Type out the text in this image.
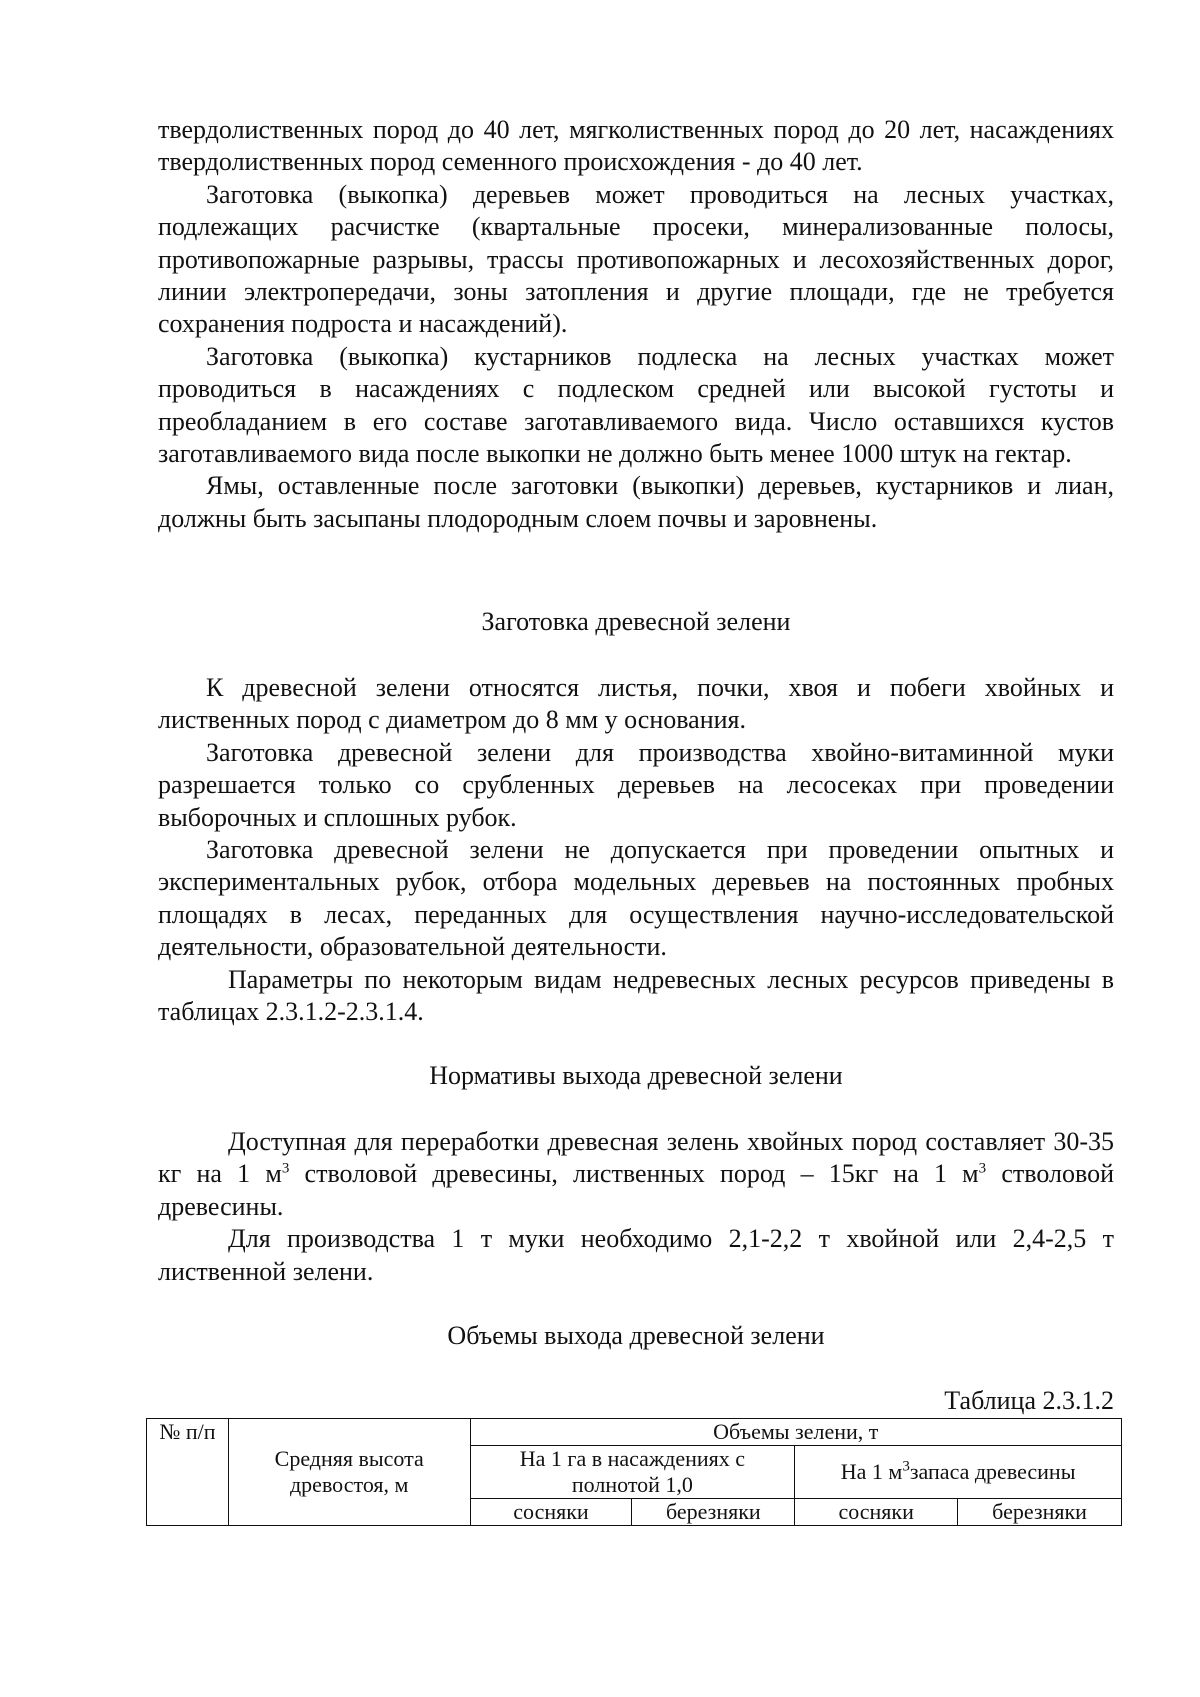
твердолиственных пород до 40 лет, мягколиственных пород до 20 лет, насаждениях твердолиственных пород семенного происхождения - до 40 лет.

Заготовка (выкопка) деревьев может проводиться на лесных участках, подлежащих расчистке (квартальные просеки, минерализованные полосы, противопожарные разрывы, трассы противопожарных и лесохозяйственных дорог, линии электропередачи, зоны затопления и другие площади, где не требуется сохранения подроста и насаждений).

Заготовка (выкопка) кустарников подлеска на лесных участках может проводиться в насаждениях с подлеском средней или высокой густоты и преобладанием в его составе заготавливаемого вида. Число оставшихся кустов заготавливаемого вида после выкопки не должно быть менее 1000 штук на гектар.

Ямы, оставленные после заготовки (выкопки) деревьев, кустарников и лиан, должны быть засыпаны плодородным слоем почвы и заровнены.

Заготовка древесной зелени

К древесной зелени относятся листья, почки, хвоя и побеги хвойных и лиственных пород с диаметром до 8 мм у основания.

Заготовка древесной зелени для производства хвойно-витаминной муки разрешается только со срубленных деревьев на лесосеках при проведении выборочных и сплошных рубок.

Заготовка древесной зелени не допускается при проведении опытных и экспериментальных рубок, отбора модельных деревьев на постоянных пробных площадях в лесах, переданных для осуществления научно-исследовательской деятельности, образовательной деятельности.

Параметры по некоторым видам недревесных лесных ресурсов приведены в таблицах 2.3.1.2-2.3.1.4.

Нормативы выхода древесной зелени

Доступная для переработки древесная зелень хвойных пород составляет 30-35 кг на 1 $м^3$ стволовой древесины, лиственных пород – 15кг на 1 $м^3$ стволовой древесины.

Для производства 1 т муки необходимо 2,1-2,2 т хвойной или 2,4-2,5 т лиственной зелени.

Объемы выхода древесной зелени

Таблица 2.3.1.2

№ п/п	Средняя высота древостоя, м	Объемы зелени, т			
		На 1 га в насаждениях с полнотой 1,0		На 1 $м^3запаса$ древесины	
		сосняки	березняки	сосняки	березняки
